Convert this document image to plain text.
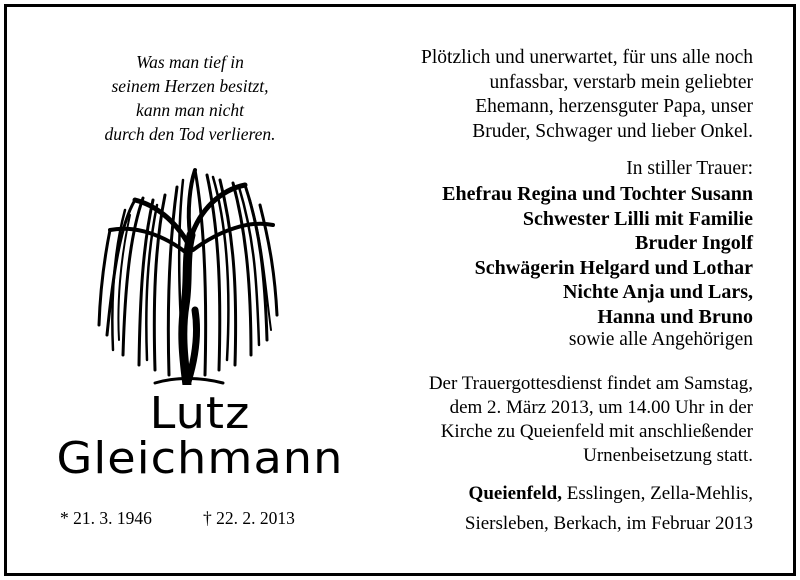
Was man tief in
seinem Herzen besitzt,
kann man nicht
durch den Tod verlieren.
Lutz
Gleichmann
* 21. 3. 1946	† 22. 2. 2013
Plötzlich und unerwartet, für uns alle noch
unfassbar, verstarb mein geliebter
Ehemann, herzensguter Papa, unser
Bruder, Schwager und lieber Onkel.
In stiller Trauer:
Ehefrau Regina und Tochter Susann
Schwester Lilli mit Familie
Bruder Ingolf
Schwägerin Helgard und Lothar
Nichte Anja und Lars,
Hanna und Bruno
sowie alle Angehörigen
Der Trauergottesdienst findet am Samstag,
dem 2. März 2013, um 14.00 Uhr in der
Kirche zu Queienfeld mit anschließender
Urnenbeisetzung statt.
Queienfeld, Esslingen, Zella-Mehlis,
Siersleben, Berkach, im Februar 2013
